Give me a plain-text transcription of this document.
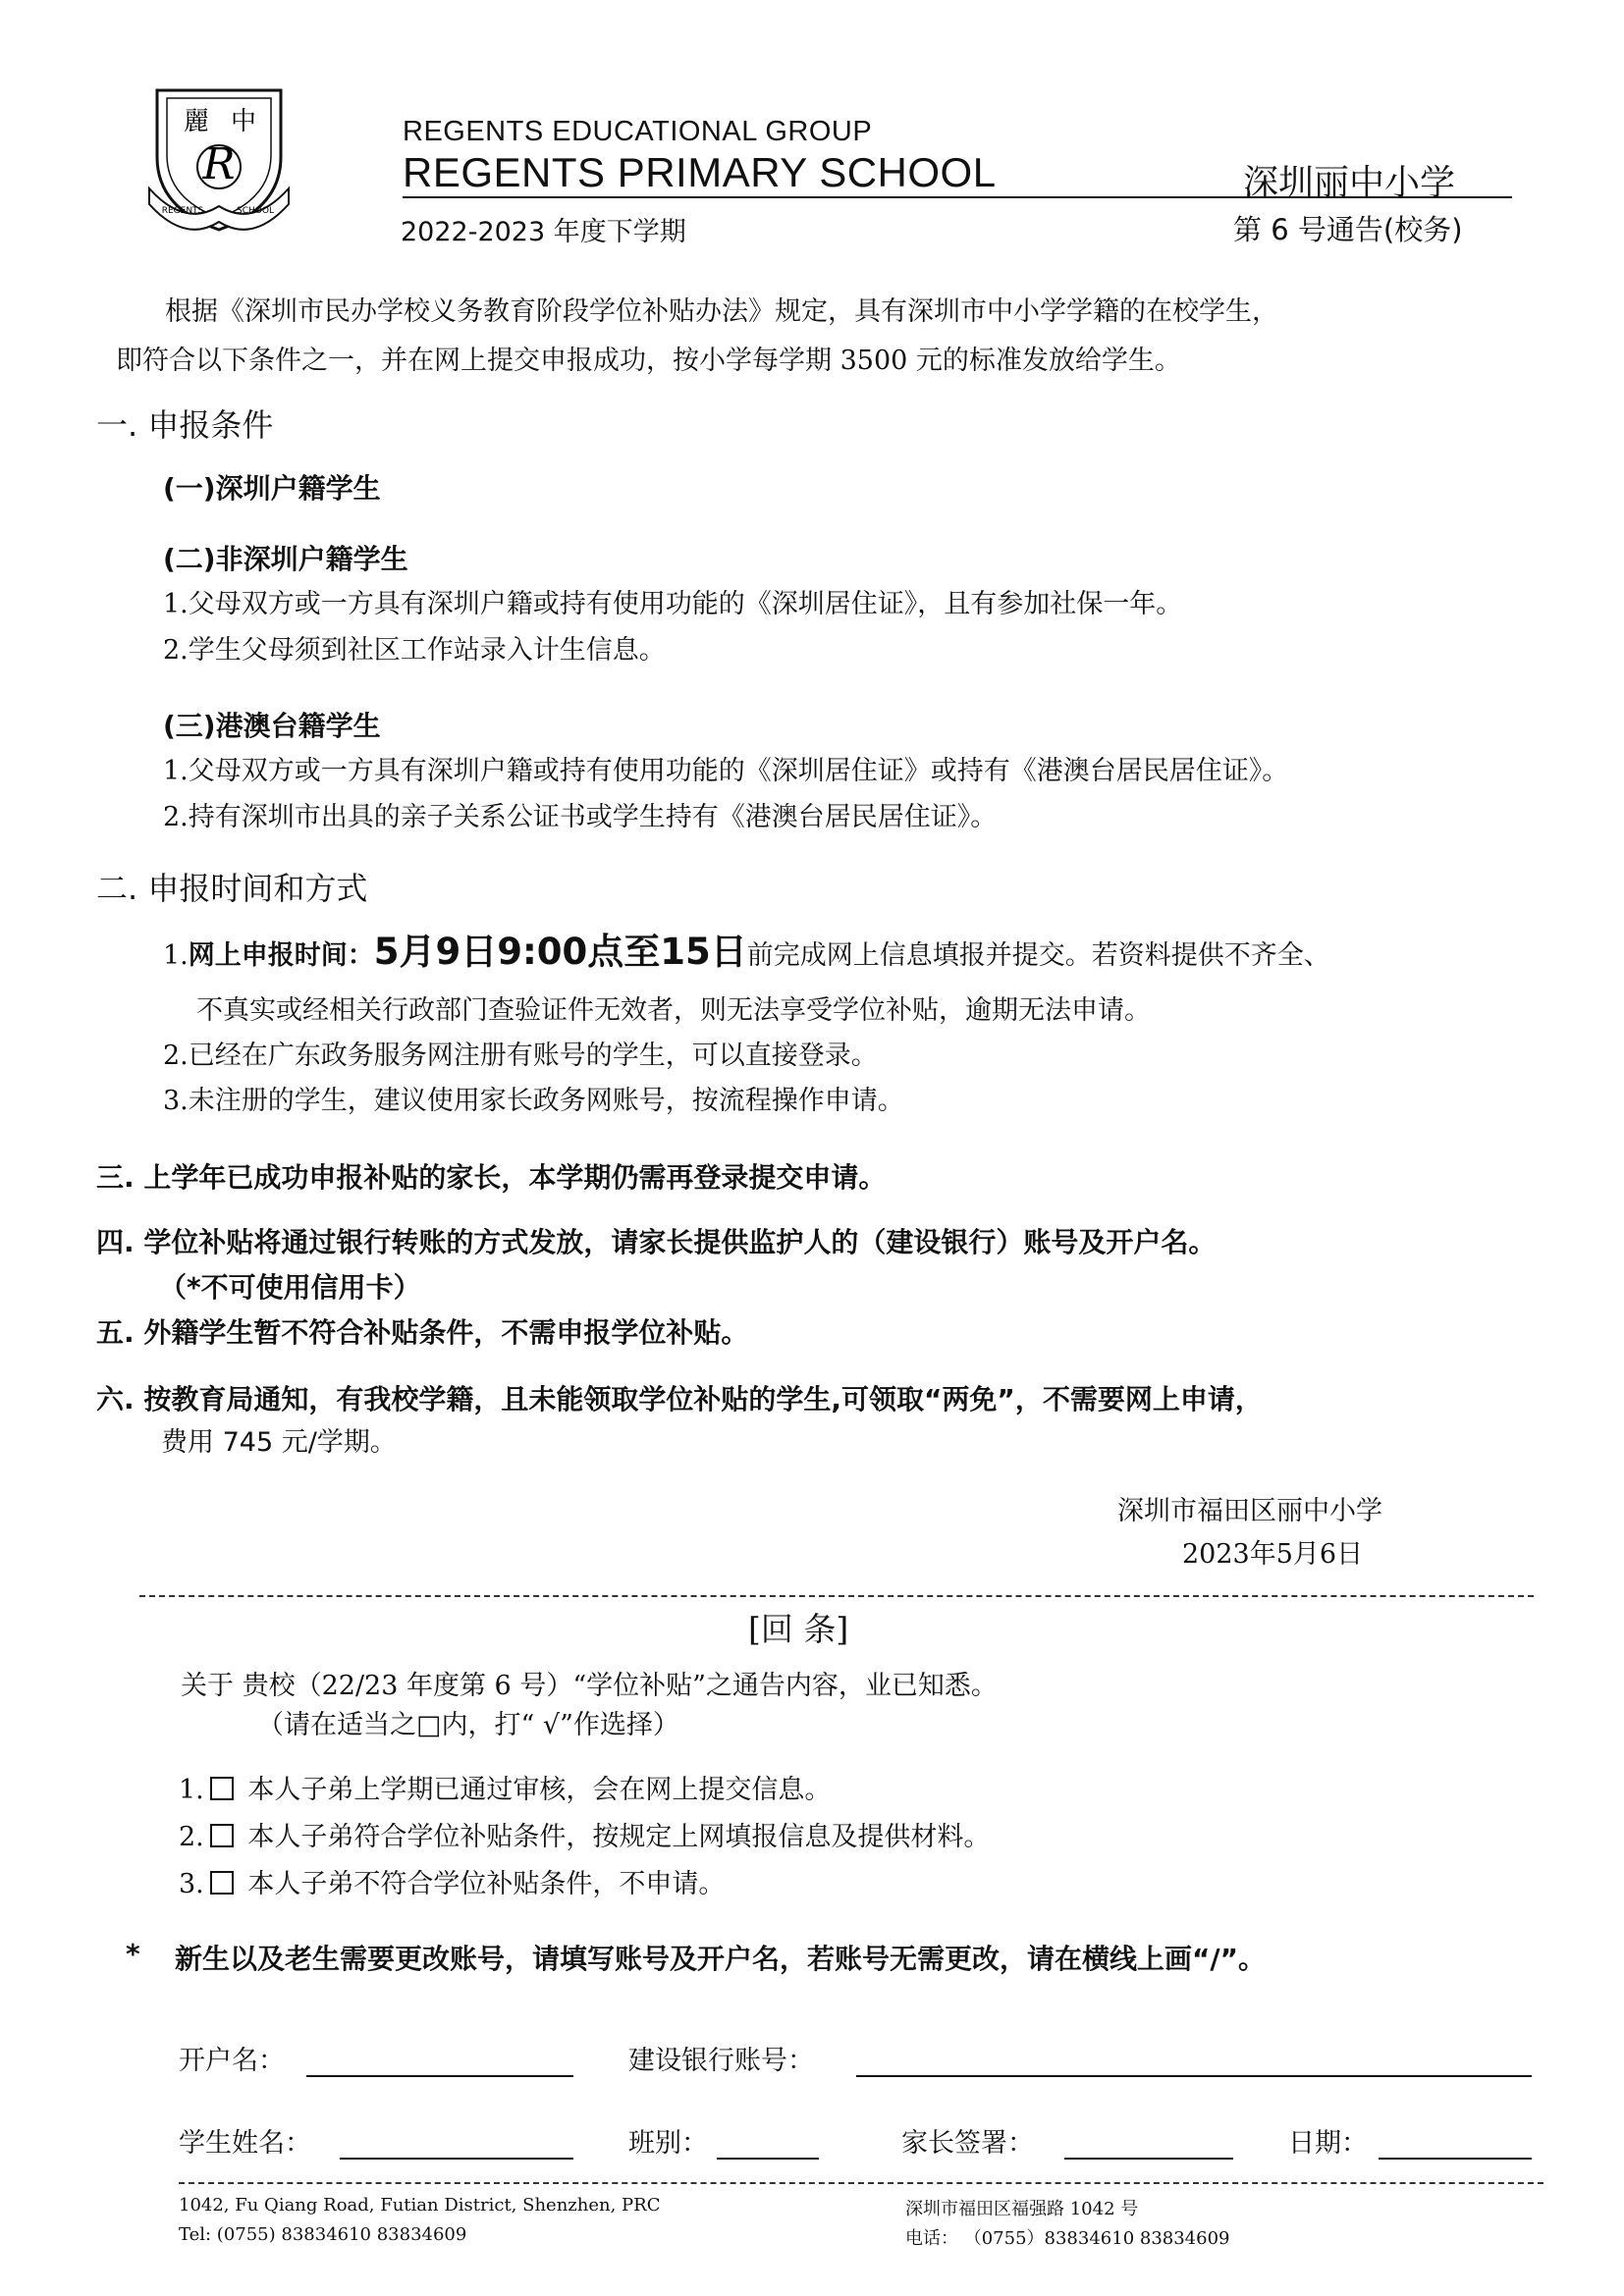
麗 中
R
REGENTS	SCHOOL
REGENTS EDUCATIONAL GROUP
REGENTS PRIMARY SCHOOL	深圳丽中小学
2022-2023 年度下学期	第 6 号通告(校务)
根据《深圳市民办学校义务教育阶段学位补贴办法》规定，具有深圳市中小学学籍的在校学生，
即符合以下条件之一，并在网上提交申报成功，按小学每学期 3500 元的标准发放给学生。
一. 申报条件
(一)深圳户籍学生
(二)非深圳户籍学生
1.父母双方或一方具有深圳户籍或持有使用功能的《深圳居住证》，且有参加社保一年。
2.学生父母须到社区工作站录入计生信息。
(三)港澳台籍学生
1.父母双方或一方具有深圳户籍或持有使用功能的《深圳居住证》或持有《港澳台居民居住证》。
2.持有深圳市出具的亲子关系公证书或学生持有《港澳台居民居住证》。
二. 申报时间和方式
1.网上申报时间：5月9日9:00点至15日前完成网上信息填报并提交。若资料提供不齐全、
不真实或经相关行政部门查验证件无效者，则无法享受学位补贴，逾期无法申请。
2.已经在广东政务服务网注册有账号的学生，可以直接登录。
3.未注册的学生，建议使用家长政务网账号，按流程操作申请。
三. 上学年已成功申报补贴的家长，本学期仍需再登录提交申请。
四. 学位补贴将通过银行转账的方式发放，请家长提供监护人的（建设银行）账号及开户名。
（*不可使用信用卡）
五. 外籍学生暂不符合补贴条件，不需申报学位补贴。
六. 按教育局通知，有我校学籍，且未能领取学位补贴的学生,可领取“两免”，不需要网上申请，
费用 745 元/学期。
深圳市福田区丽中小学
2023年5月6日
[回 条]
关于 贵校（22/23 年度第 6 号）“学位补贴”之通告内容，业已知悉。
（请在适当之□内，打“ √”作选择）
1. 本人子弟上学期已通过审核，会在网上提交信息。
2. 本人子弟符合学位补贴条件，按规定上网填报信息及提供材料。
3. 本人子弟不符合学位补贴条件，不申请。
* 新生以及老生需要更改账号，请填写账号及开户名，若账号无需更改，请在横线上画“/”。
开户名：	建设银行账号：
学生姓名：	班别：	家长签署：	日期：
1042, Fu Qiang Road, Futian District, Shenzhen, PRC
Tel: (0755) 83834610 83834609
深圳市福田区福强路 1042 号
电话： （0755）83834610 83834609
